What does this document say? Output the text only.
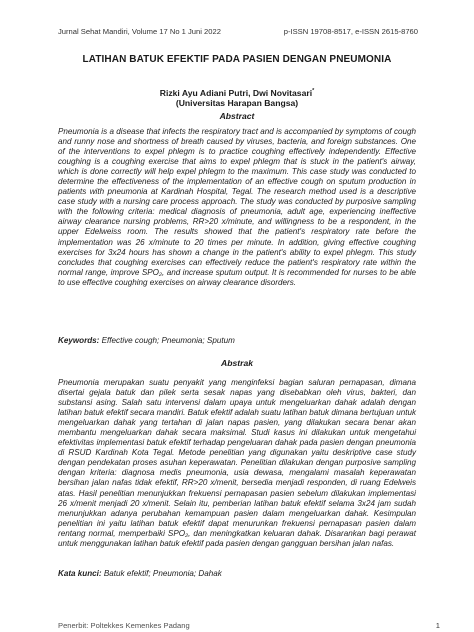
Jurnal Sehat Mandiri, Volume 17 No 1 Juni 2022	p-ISSN 19708-8517, e-ISSN 2615-8760
LATIHAN BATUK EFEKTIF PADA PASIEN DENGAN PNEUMONIA
Rizki Ayu Adiani Putri, Dwi Novitasari*
(Universitas Harapan Bangsa)
Abstract
Pneumonia is a disease that infects the respiratory tract and is accompanied by symptoms of cough and runny nose and shortness of breath caused by viruses, bacteria, and foreign substances. One of the interventions to expel phlegm is to practice coughing effectively independently. Effective coughing is a coughing exercise that aims to expel phlegm that is stuck in the patient's airway, which is done correctly will help expel phlegm to the maximum. This case study was conducted to determine the effectiveness of the implementation of an effective cough on sputum production in patients with pneumonia at Kardinah Hospital, Tegal. The research method used is a descriptive case study with a nursing care process approach. The study was conducted by purposive sampling with the following criteria: medical diagnosis of pneumonia, adult age, experiencing ineffective airway clearance nursing problems, RR>20 x/minute, and willingness to be a respondent, in the upper Edelweiss room. The results showed that the patient's respiratory rate before the implementation was 26 x/minute to 20 times per minute. In addition, giving effective coughing exercises for 3x24 hours has shown a change in the patient's ability to expel phlegm. This study concludes that coughing exercises can effectively reduce the patient's respiratory rate within the normal range, improve SPO₂, and increase sputum output. It is recommended for nurses to be able to use effective coughing exercises on airway clearance disorders.
Keywords: Effective cough; Pneumonia; Sputum
Abstrak
Pneumonia merupakan suatu penyakit yang menginfeksi bagian saluran pernapasan, dimana disertai gejala batuk dan pilek serta sesak napas yang disebabkan oleh virus, bakteri, dan substansi asing. Salah satu intervensi dalam upaya untuk mengeluarkan dahak adalah dengan latihan batuk efektif secara mandiri. Batuk efektif adalah suatu latihan batuk dimana bertujuan untuk mengeluarkan dahak yang tertahan di jalan napas pasien, yang dilakukan secara benar akan membantu mengeluarkan dahak secara maksimal. Studi kasus ini dilakukan untuk mengetahui efektivitas implementasi batuk efektif terhadap pengeluaran dahak pada pasien dengan pneumonia di RSUD Kardinah Kota Tegal. Metode penelitian yang digunakan yaitu deskriptive case study dengan pendekatan proses asuhan keperawatan. Penelitian dilakukan dengan purposive sampling dengan kriteria: diagnosa medis pneumonia, usia dewasa, mengalami masalah keperawatan bersihan jalan nafas tidak efektif, RR>20 x/menit, bersedia menjadi responden, di ruang Edelweis atas. Hasil penelitian menunjukkan frekuensi pernapasan pasien sebelum dilakukan implementasi 26 x/menit menjadi 20 x/menit. Selain itu, pemberian latihan batuk efektif selama 3x24 jam sudah menunjukkan adanya perubahan kemampuan pasien dalam mengeluarkan dahak. Kesimpulan penelitian ini yaitu latihan batuk efektif dapat menurunkan frekuensi pernapasan pasien dalam rentang normal, memperbaiki SPO₂, dan meningkatkan keluaran dahak. Disarankan bagi perawat untuk menggunakan latihan batuk efektif pada pasien dengan gangguan bersihan jalan nafas.
Kata kunci: Batuk efektif; Pneumonia; Dahak
Penerbit: Poltekkes Kemenkes Padang	1
